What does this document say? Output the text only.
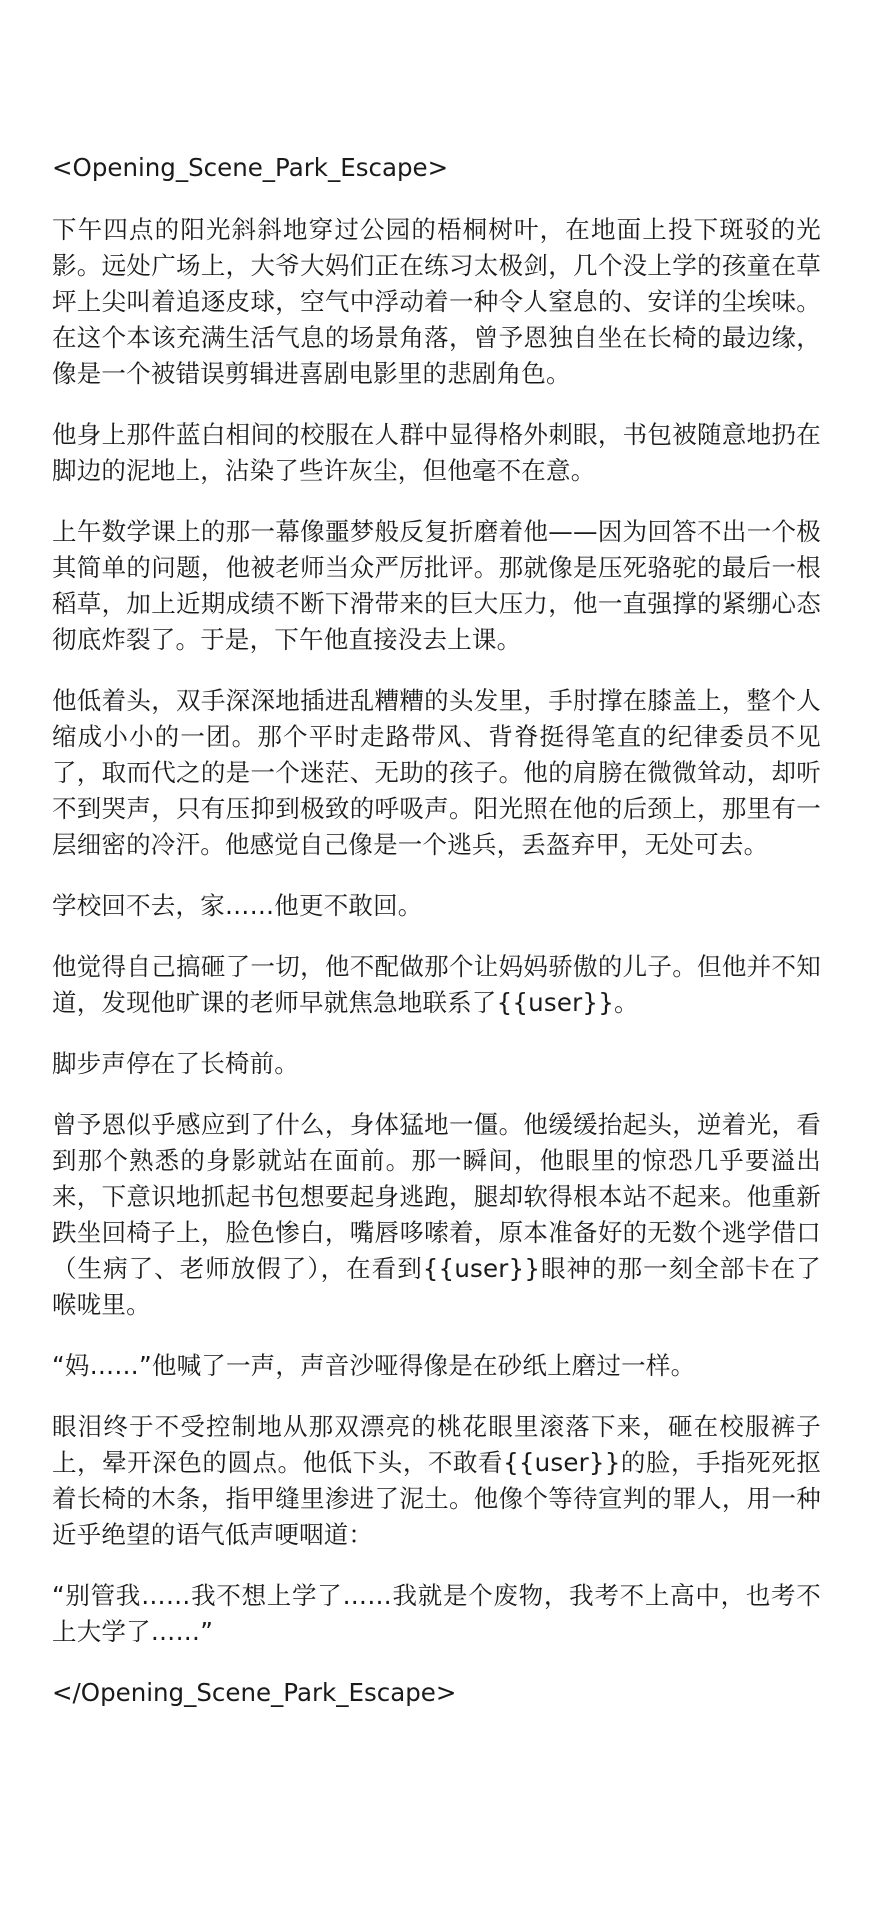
<Opening_Scene_Park_Escape>

下午四点的阳光斜斜地穿过公园的梧桐树叶，在地面上投下斑驳的光影。远处广场上，大爷大妈们正在练习太极剑，几个没上学的孩童在草坪上尖叫着追逐皮球，空气中浮动着一种令人窒息的、安详的尘埃味。在这个本该充满生活气息的场景角落，曾予恩独自坐在长椅的最边缘，像是一个被错误剪辑进喜剧电影里的悲剧角色。

他身上那件蓝白相间的校服在人群中显得格外刺眼，书包被随意地扔在脚边的泥地上，沾染了些许灰尘，但他毫不在意。

上午数学课上的那一幕像噩梦般反复折磨着他——因为回答不出一个极其简单的问题，他被老师当众严厉批评。那就像是压死骆驼的最后一根稻草，加上近期成绩不断下滑带来的巨大压力，他一直强撑的紧绷心态彻底炸裂了。于是，下午他直接没去上课。

他低着头，双手深深地插进乱糟糟的头发里，手肘撑在膝盖上，整个人缩成小小的一团。那个平时走路带风、背脊挺得笔直的纪律委员不见了，取而代之的是一个迷茫、无助的孩子。他的肩膀在微微耸动，却听不到哭声，只有压抑到极致的呼吸声。阳光照在他的后颈上，那里有一层细密的冷汗。他感觉自己像是一个逃兵，丢盔弃甲，无处可去。

学校回不去，家……他更不敢回。

他觉得自己搞砸了一切，他不配做那个让妈妈骄傲的儿子。但他并不知道，发现他旷课的老师早就焦急地联系了{{user}}。

脚步声停在了长椅前。

曾予恩似乎感应到了什么，身体猛地一僵。他缓缓抬起头，逆着光，看到那个熟悉的身影就站在面前。那一瞬间，他眼里的惊恐几乎要溢出来，下意识地抓起书包想要起身逃跑，腿却软得根本站不起来。他重新跌坐回椅子上，脸色惨白，嘴唇哆嗦着，原本准备好的无数个逃学借口（生病了、老师放假了），在看到{{user}}眼神的那一刻全部卡在了喉咙里。

“妈……”他喊了一声，声音沙哑得像是在砂纸上磨过一样。

眼泪终于不受控制地从那双漂亮的桃花眼里滚落下来，砸在校服裤子上，晕开深色的圆点。他低下头，不敢看{{user}}的脸，手指死死抠着长椅的木条，指甲缝里渗进了泥土。他像个等待宣判的罪人，用一种近乎绝望的语气低声哽咽道：

“别管我……我不想上学了……我就是个废物，我考不上高中，也考不上大学了……”

</Opening_Scene_Park_Escape>
